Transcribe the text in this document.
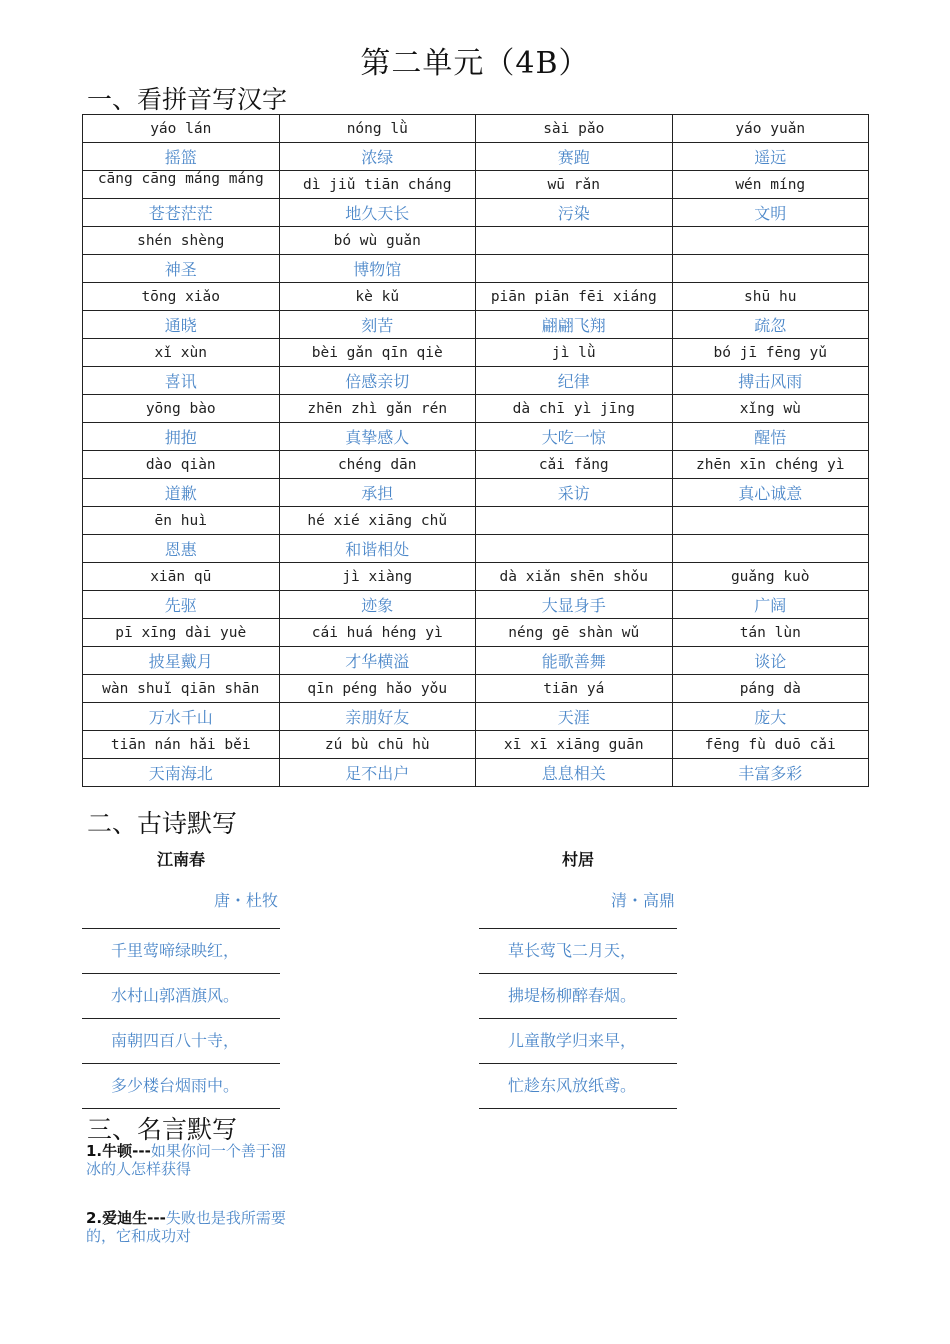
第二单元（4B）
一、看拼音写汉字
yáo lán	nóng lǜ	sài pǎo	yáo yuǎn
摇篮	浓绿	赛跑	遥远
cāng cāng máng máng	dì jiǔ tiān cháng	wū rǎn	wén míng
苍苍茫茫	地久天长	污染	文明
shén shèng	bó wù guǎn		
神圣	博物馆		
tōng xiǎo	kè kǔ	piān piān fēi xiáng	shū hu
通晓	刻苦	翩翩飞翔	疏忽
xǐ xùn	bèi gǎn qīn qiè	jì lǜ	bó jī fēng yǔ
喜讯	倍感亲切	纪律	搏击风雨
yōng bào	zhēn zhì gǎn rén	dà chī yì jīng	xǐng wù
拥抱	真挚感人	大吃一惊	醒悟
dào qiàn	chéng dān	cǎi fǎng	zhēn xīn chéng yì
道歉	承担	采访	真心诚意
ēn huì	hé xié xiāng chǔ		
恩惠	和谐相处		
xiān qū	jì xiàng	dà xiǎn shēn shǒu	guǎng kuò
先驱	迹象	大显身手	广阔
pī xīng dài yuè	cái huá héng yì	néng gē shàn wǔ	tán lùn
披星戴月	才华横溢	能歌善舞	谈论
wàn shuǐ qiān shān	qīn péng hǎo yǒu	tiān yá	páng dà
万水千山	亲朋好友	天涯	庞大
tiān nán hǎi běi	zú bù chū hù	xī xī xiāng guān	fēng fù duō cǎi
天南海北	足不出户	息息相关	丰富多彩
二、古诗默写
江南春
唐・杜牧
千里莺啼绿映红，
水村山郭酒旗风。
南朝四百八十寺，
多少楼台烟雨中。
村居
清・高鼎
草长莺飞二月天，
拂堤杨柳醉春烟。
儿童散学归来早，
忙趁东风放纸鸢。
三、名言默写
1.牛顿---如果你问一个善于溜冰的人怎样获得
2.爱迪生---失败也是我所需要的，它和成功对
